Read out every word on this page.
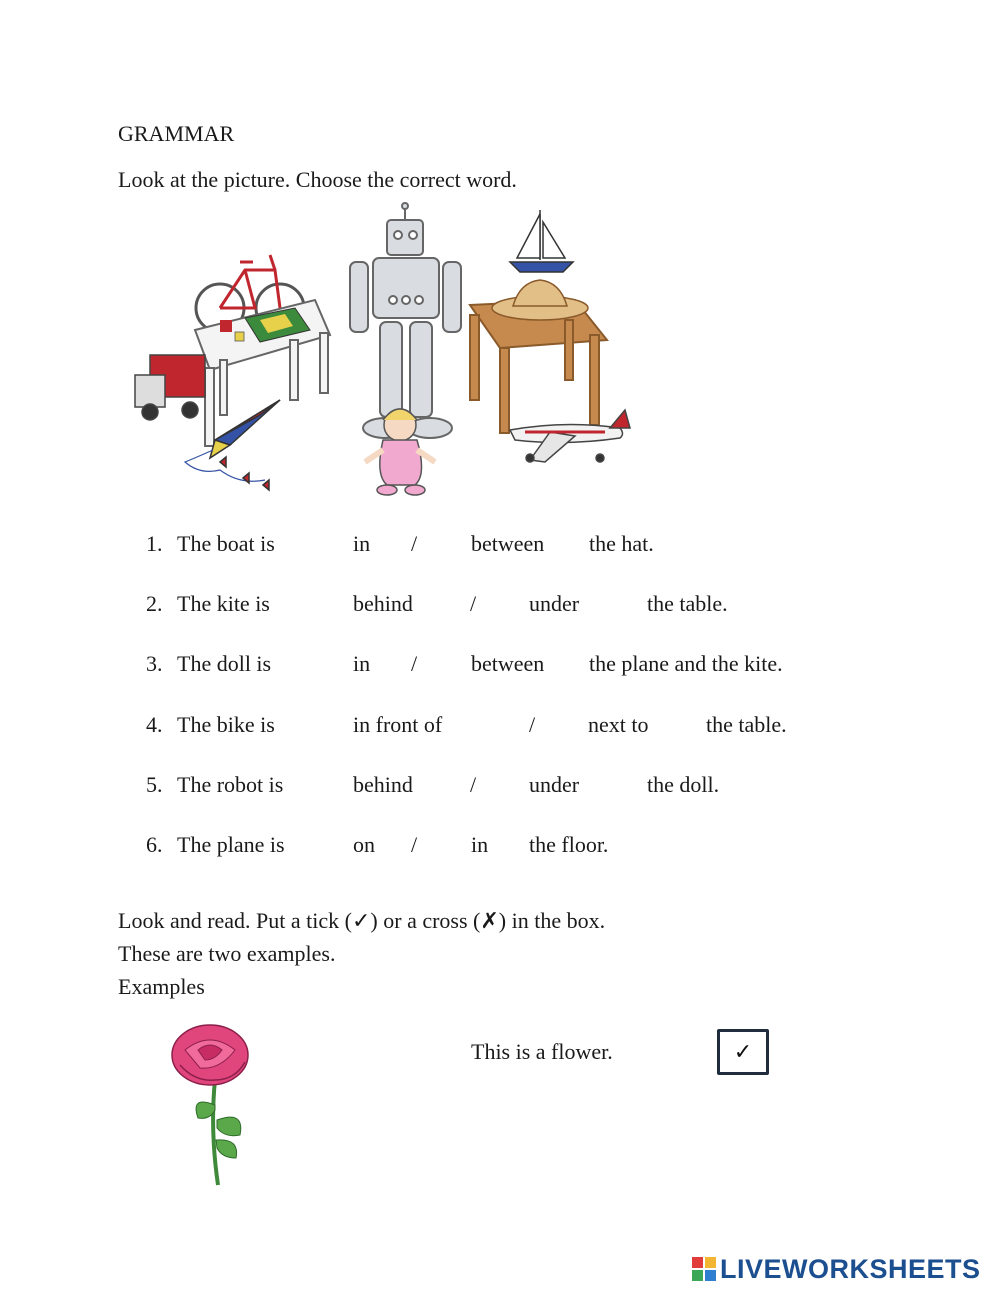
GRAMMAR
Look at the picture. Choose the correct word.
1. The boat is	in / between the hat.
2. The kite is	behind	/ under	the table.
3. The doll is	in / between the plane and the kite.
4. The bike is	in front of	/ next to	the table.
5. The robot is	behind	/ under	the doll.
6. The plane is	on / in the floor.
Look and read. Put a tick (✓) or a cross (✗) in the box.
These are two examples.
Examples
This is a flower.	✓
LIVEWORKSHEETS
